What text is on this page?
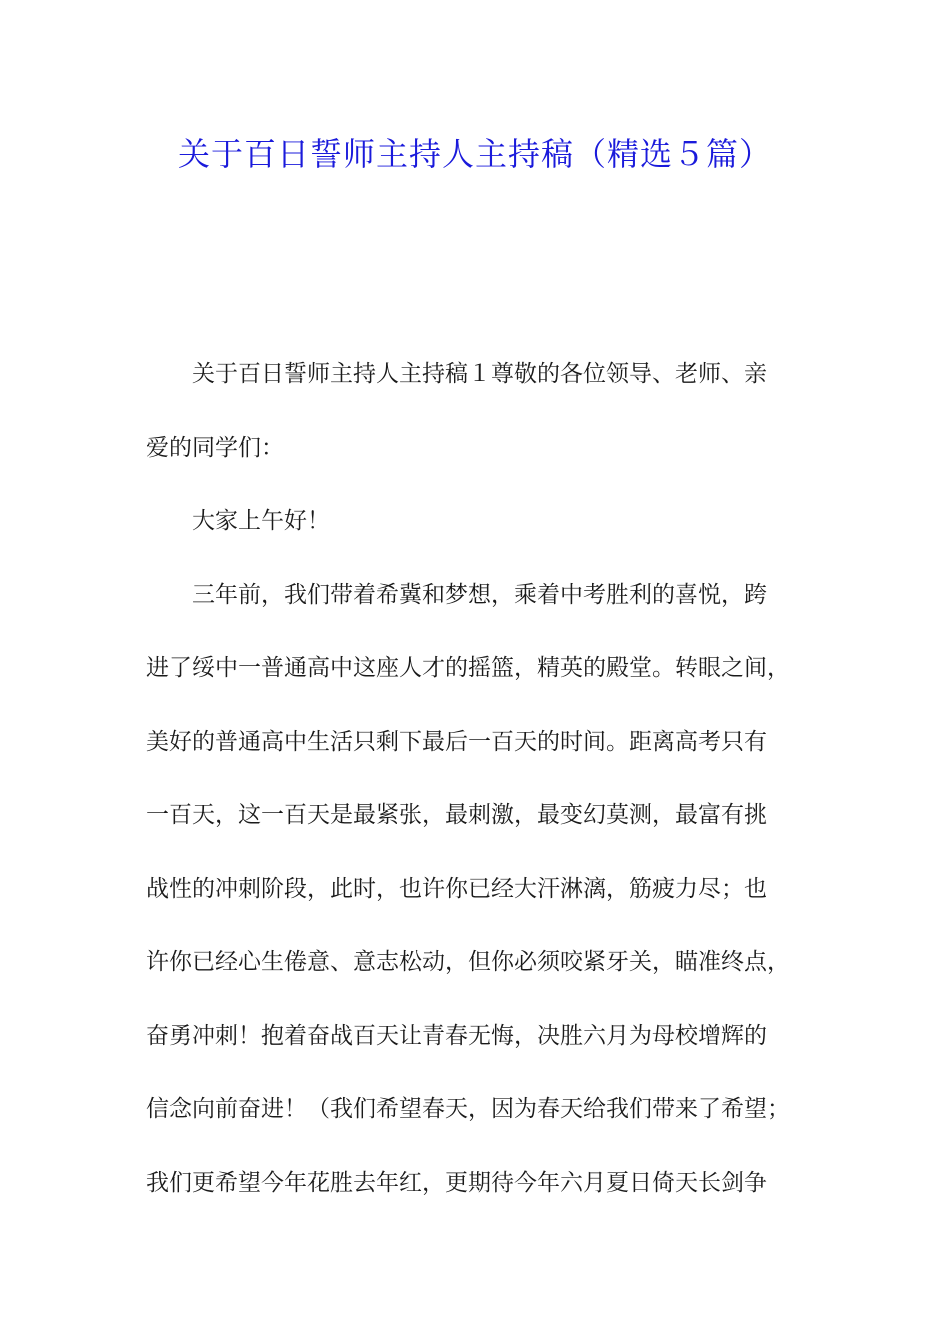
关于百日誓师主持人主持稿（精选５篇）
关于百日誓师主持人主持稿１尊敬的各位领导、老师、亲
爱的同学们：
大家上午好！
三年前，我们带着希冀和梦想，乘着中考胜利的喜悦，跨
进了绥中一普通高中这座人才的摇篮，精英的殿堂。转眼之间，
美好的普通高中生活只剩下最后一百天的时间。距离高考只有
一百天，这一百天是最紧张，最刺激，最变幻莫测，最富有挑
战性的冲刺阶段，此时，也许你已经大汗淋漓，筋疲力尽；也
许你已经心生倦意、意志松动，但你必须咬紧牙关，瞄准终点，
奋勇冲刺！抱着奋战百天让青春无悔，决胜六月为母校增辉的
信念向前奋进！（我们希望春天，因为春天给我们带来了希望；
我们更希望今年花胜去年红，更期待今年六月夏日倚天长剑争
